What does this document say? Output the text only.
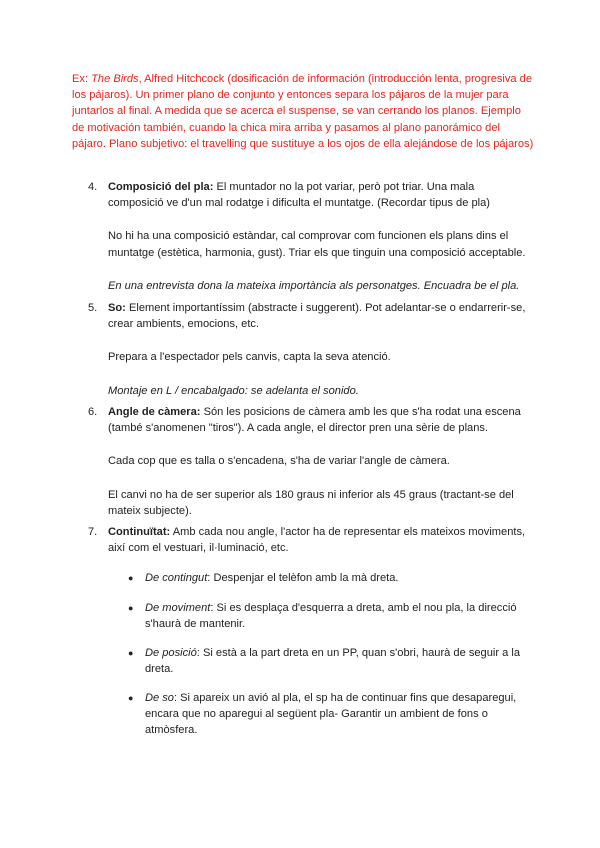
Ex: The Birds, Alfred Hitchcock (dosificación de información (introducción lenta, progresiva de los pájaros). Un primer plano de conjunto y entonces separa los pájaros de la mujer para juntarlos al final. A medida que se acerca el suspense, se van cerrando los planos. Ejemplo de motivación también, cuando la chica mira arriba y pasamos al plano panorámico del pájaro. Plano subjetivo: el travelling que sustituye a los ojos de ella alejándose de los pájaros)

4. Composició del pla: El muntador no la pot variar, però pot triar. Una mala composició ve d'un mal rodatge i dificulta el muntatge. (Recordar tipus de pla)

No hi ha una composició estàndar, cal comprovar com funcionen els plans dins el muntatge (estètica, harmonia, gust). Triar els que tinguin una composició acceptable.

En una entrevista dona la mateixa importància als personatges. Encuadra be el pla.

5. So: Element importantíssim (abstracte i suggerent). Pot adelantar-se o endarrerir-se, crear ambients, emocions, etc.

Prepara a l'espectador pels canvis, capta la seva atenció.

Montaje en L / encabalgado: se adelanta el sonido.

6. Angle de càmera: Són les posicions de càmera amb les que s'ha rodat una escena (també s'anomenen "tiros"). A cada angle, el director pren una sèrie de plans.

Cada cop que es talla o s'encadena, s'ha de variar l'angle de càmera.

El canvi no ha de ser superior als 180 graus ni inferior als 45 graus (tractant-se del mateix subjecte).

7. Continuïtat: Amb cada nou angle, l'actor ha de representar els mateixos moviments, així com el vestuari, il·luminació, etc.

● De contingut: Despenjar el telèfon amb la mà dreta.

● De moviment: Si es desplaça d'esquerra a dreta, amb el nou pla, la direcció s'haurà de mantenir.

● De posició: Si està a la part dreta en un PP, quan s'obri, haurà de seguir a la dreta.

● De so: Si apareix un avió al pla, el sp ha de continuar fins que desaparegui, encara que no aparegui al següent pla- Garantir un ambient de fons o atmòsfera.
